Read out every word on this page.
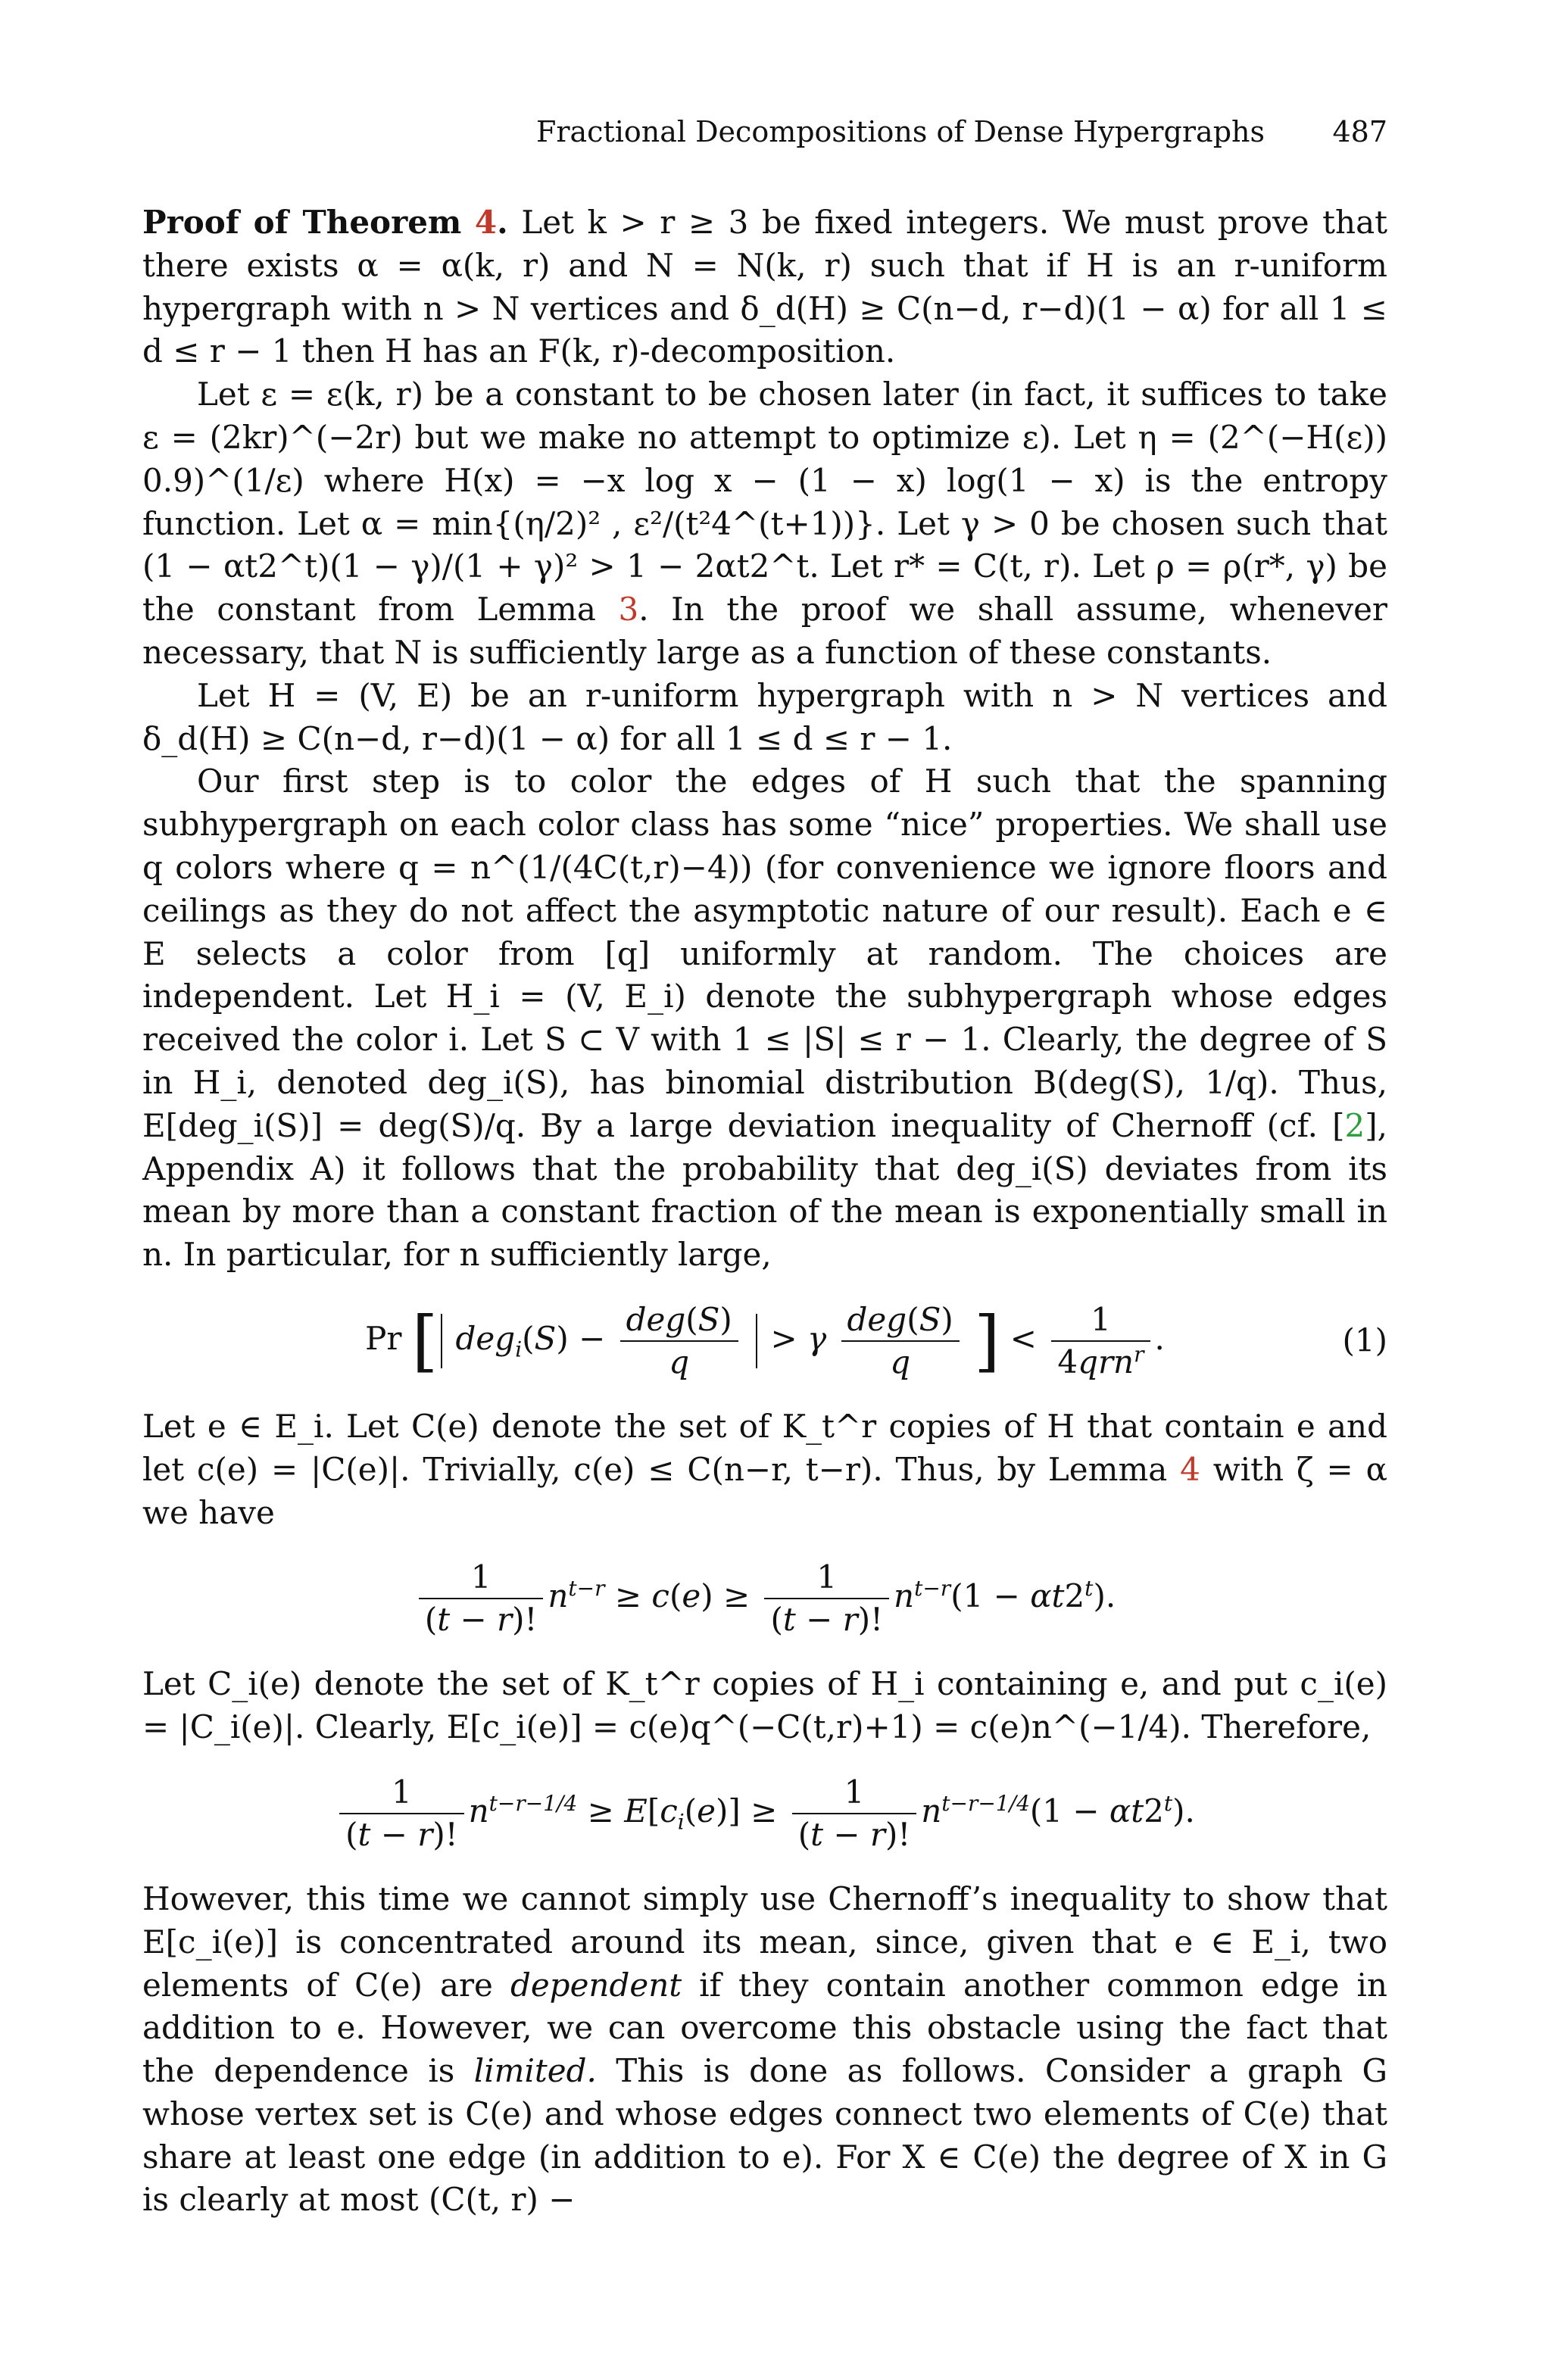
Fractional Decompositions of Dense Hypergraphs 487

Proof of Theorem 4. Let k > r ≥ 3 be fixed integers. We must prove that there exists α = α(k, r) and N = N(k, r) such that if H is an r-uniform hypergraph with n > N vertices and δ_d(H) ≥ C(n−d, r−d)(1 − α) for all 1 ≤ d ≤ r − 1 then H has an F(k, r)-decomposition.

Let ε = ε(k, r) be a constant to be chosen later (in fact, it suffices to take ε = (2kr)^(−2r) but we make no attempt to optimize ε). Let η = (2^(−H(ε)) 0.9)^(1/ε) where H(x) = −x log x − (1 − x) log(1 − x) is the entropy function. Let α = min{(η/2)² , ε²/(t²4^(t+1))}. Let γ > 0 be chosen such that (1 − αt2^t)(1 − γ)/(1 + γ)² > 1 − 2αt2^t. Let r* = C(t, r). Let ρ = ρ(r*, γ) be the constant from Lemma 3. In the proof we shall assume, whenever necessary, that N is sufficiently large as a function of these constants.

Let H = (V, E) be an r-uniform hypergraph with n > N vertices and δ_d(H) ≥ C(n−d, r−d)(1 − α) for all 1 ≤ d ≤ r − 1.

Our first step is to color the edges of H such that the spanning subhypergraph on each color class has some “nice” properties. We shall use q colors where q = n^(1/(4C(t,r)−4)) (for convenience we ignore floors and ceilings as they do not affect the asymptotic nature of our result). Each e ∈ E selects a color from [q] uniformly at random. The choices are independent. Let H_i = (V, E_i) denote the subhypergraph whose edges received the color i. Let S ⊂ V with 1 ≤ |S| ≤ r − 1. Clearly, the degree of S in H_i, denoted deg_i(S), has binomial distribution B(deg(S), 1/q). Thus, E[deg_i(S)] = deg(S)/q. By a large deviation inequality of Chernoff (cf. [2], Appendix A) it follows that the probability that deg_i(S) deviates from its mean by more than a constant fraction of the mean is exponentially small in n. In particular, for n sufficiently large,

Pr [ $deg_i(S) - \frac{\text{deg(S)}}{q} > \gamma \frac{\text{deg(S)}}{q}$ ] < $\frac{1}{4qrn^r}$ .	(1)

Let e ∈ E_i. Let C(e) denote the set of K_t^r copies of H that contain e and let c(e) = |C(e)|. Trivially, c(e) ≤ C(n−r, t−r). Thus, by Lemma 4 with ζ = α we have

$\frac{1}{(t - r)!} n^{t-r} \ge c(e) \ge \frac{1}{(t - r)!} n^{t-r}(1 - \alpha t2^t)$.

Let C_i(e) denote the set of K_t^r copies of H_i containing e, and put c_i(e) = |C_i(e)|. Clearly, E[c_i(e)] = c(e)q^(−C(t,r)+1) = c(e)n^(−1/4). Therefore,

$\frac{1}{(t - r)!} n^{t-r-1/4} \ge E[c_i(e)] \ge \frac{1}{(t - r)!} n^{t-r-1/4}(1 - \alpha t2^t)$.

However, this time we cannot simply use Chernoff’s inequality to show that E[c_i(e)] is concentrated around its mean, since, given that e ∈ E_i, two elements of C(e) are dependent if they contain another common edge in addition to e. However, we can overcome this obstacle using the fact that the dependence is limited. This is done as follows. Consider a graph G whose vertex set is C(e) and whose edges connect two elements of C(e) that share at least one edge (in addition to e). For X ∈ C(e) the degree of X in G is clearly at most (C(t, r) −
